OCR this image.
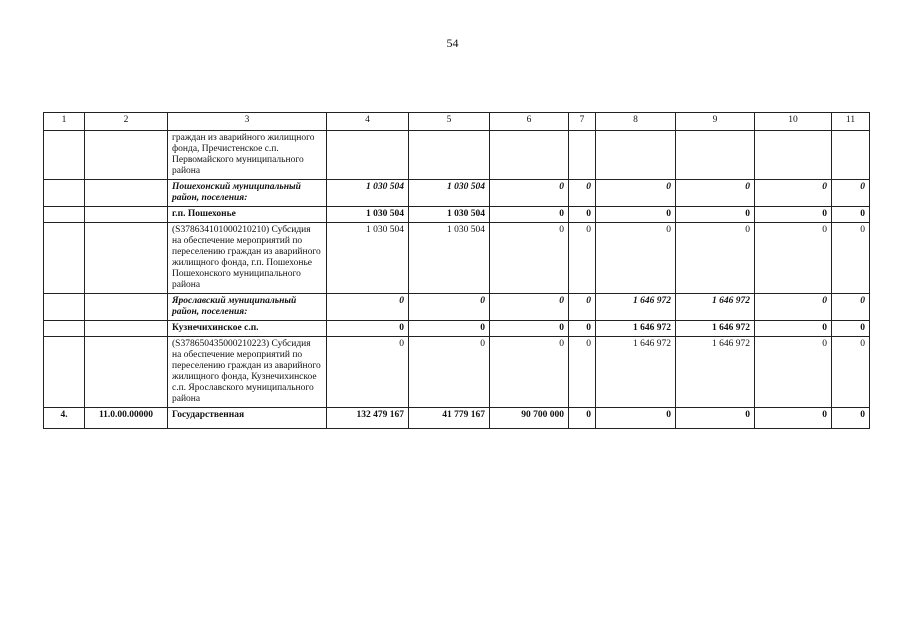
54
1	2	3	4	5	6	7	8	9	10	11
		граждан из аварийного жилищного фонда, Пречистенское с.п. Первомайского муниципального района								
		Пошехонский муниципальный район, поселения:	1 030 504	1 030 504	0	0	0	0	0	0
		г.п. Пошехонье	1 030 504	1 030 504	0	0	0	0	0	0
		(S378634101000210210) Субсидия на обеспечение мероприятий по переселению граждан из аварийного жилищного фонда, г.п. Пошехонье Пошехонского муниципального района	1 030 504	1 030 504	0	0	0	0	0	0
		Ярославский муниципальный район, поселения:	0	0	0	0	1 646 972	1 646 972	0	0
		Кузнечихинское с.п.	0	0	0	0	1 646 972	1 646 972	0	0
		(S378650435000210223) Субсидия на обеспечение мероприятий по переселению граждан из аварийного жилищного фонда, Кузнечихинское с.п. Ярославского муниципального района	0	0	0	0	1 646 972	1 646 972	0	0
4.	11.0.00.00000	Государственная	132 479 167	41 779 167	90 700 000	0	0	0	0	0
